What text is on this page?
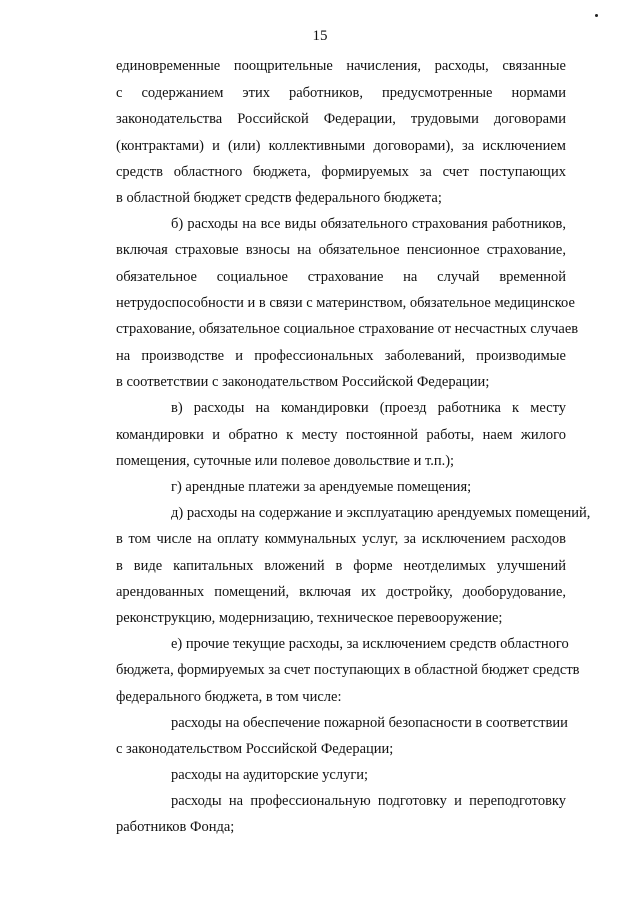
15
единовременные поощрительные начисления, расходы, связанные
с содержанием этих работников, предусмотренные нормами
законодательства Российской Федерации, трудовыми договорами
(контрактами) и (или) коллективными договорами), за исключением
средств областного бюджета, формируемых за счет поступающих
в областной бюджет средств федерального бюджета;
б) расходы на все виды обязательного страхования работников,
включая страховые взносы на обязательное пенсионное страхование,
обязательное социальное страхование на случай временной
нетрудоспособности и в связи с материнством, обязательное медицинское
страхование, обязательное социальное страхование от несчастных случаев
на производстве и профессиональных заболеваний, производимые
в соответствии с законодательством Российской Федерации;
в) расходы на командировки (проезд работника к месту
командировки и обратно к месту постоянной работы, наем жилого
помещения, суточные или полевое довольствие и т.п.);
г) арендные платежи за арендуемые помещения;
д) расходы на содержание и эксплуатацию арендуемых помещений,
в том числе на оплату коммунальных услуг, за исключением расходов
в виде капитальных вложений в форме неотделимых улучшений
арендованных помещений, включая их достройку, дооборудование,
реконструкцию, модернизацию, техническое перевооружение;
е) прочие текущие расходы, за исключением средств областного
бюджета, формируемых за счет поступающих в областной бюджет средств
федерального бюджета, в том числе:
расходы на обеспечение пожарной безопасности в соответствии
с законодательством Российской Федерации;
расходы на аудиторские услуги;
расходы на профессиональную подготовку и переподготовку
работников Фонда;
